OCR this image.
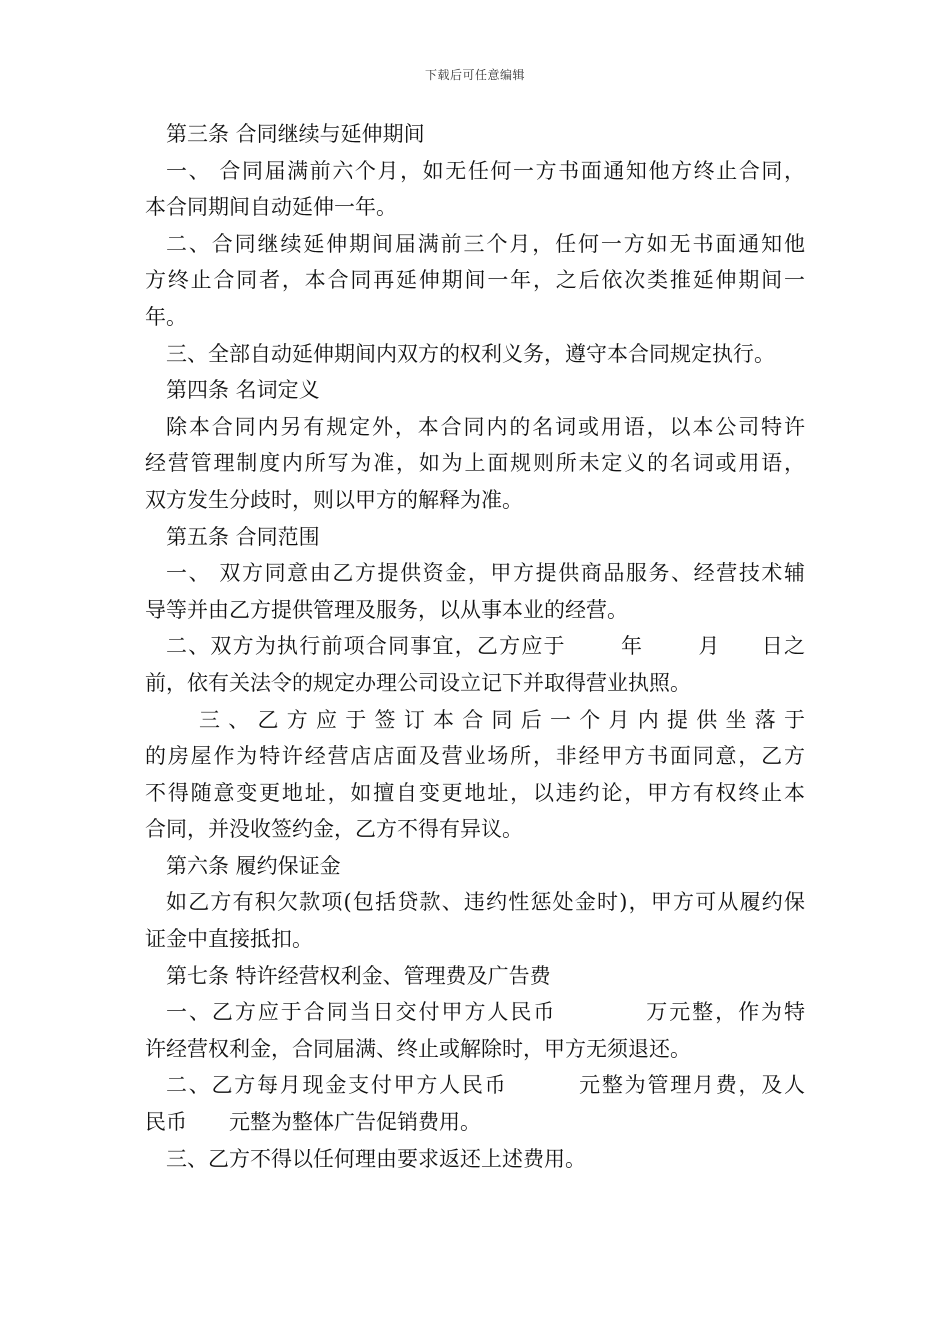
下载后可任意编辑
第三条 合同继续与延伸期间
一、 合同届满前六个月，如无任何一方书面通知他方终止合同，
本合同期间自动延伸一年。
二、合同继续延伸期间届满前三个月，任何一方如无书面通知他
方终止合同者，本合同再延伸期间一年，之后依次类推延伸期间一
年。
三、全部自动延伸期间内双方的权利义务，遵守本合同规定执行。
第四条 名词定义
除本合同内另有规定外，本合同内的名词或用语，以本公司特许
经营管理制度内所写为准，如为上面规则所未定义的名词或用语，
双方发生分歧时，则以甲方的解释为准。
第五条 合同范围
一、 双方同意由乙方提供资金，甲方提供商品服务、经营技术辅
导等并由乙方提供管理及服务，以从事本业的经营。
二、双方为执行前项合同事宜，乙方应于	年	月 日之
前，依有关法令的规定办理公司设立记下并取得营业执照。
三、乙方应于签订本合同后一个月内提供坐落于
的房屋作为特许经营店店面及营业场所，非经甲方书面同意，乙方
不得随意变更地址，如擅自变更地址，以违约论，甲方有权终止本
合同，并没收签约金，乙方不得有异议。
第六条 履约保证金
如乙方有积欠款项(包括贷款、违约性惩处金时)，甲方可从履约保
证金中直接抵扣。
第七条 特许经营权利金、管理费及广告费
一、乙方应于合同当日交付甲方人民币	万元整，作为特
许经营权利金，合同届满、终止或解除时，甲方无须退还。
二、乙方每月现金支付甲方人民币	元整为管理月费，及人
民币 元整为整体广告促销费用。
三、乙方不得以任何理由要求返还上述费用。
